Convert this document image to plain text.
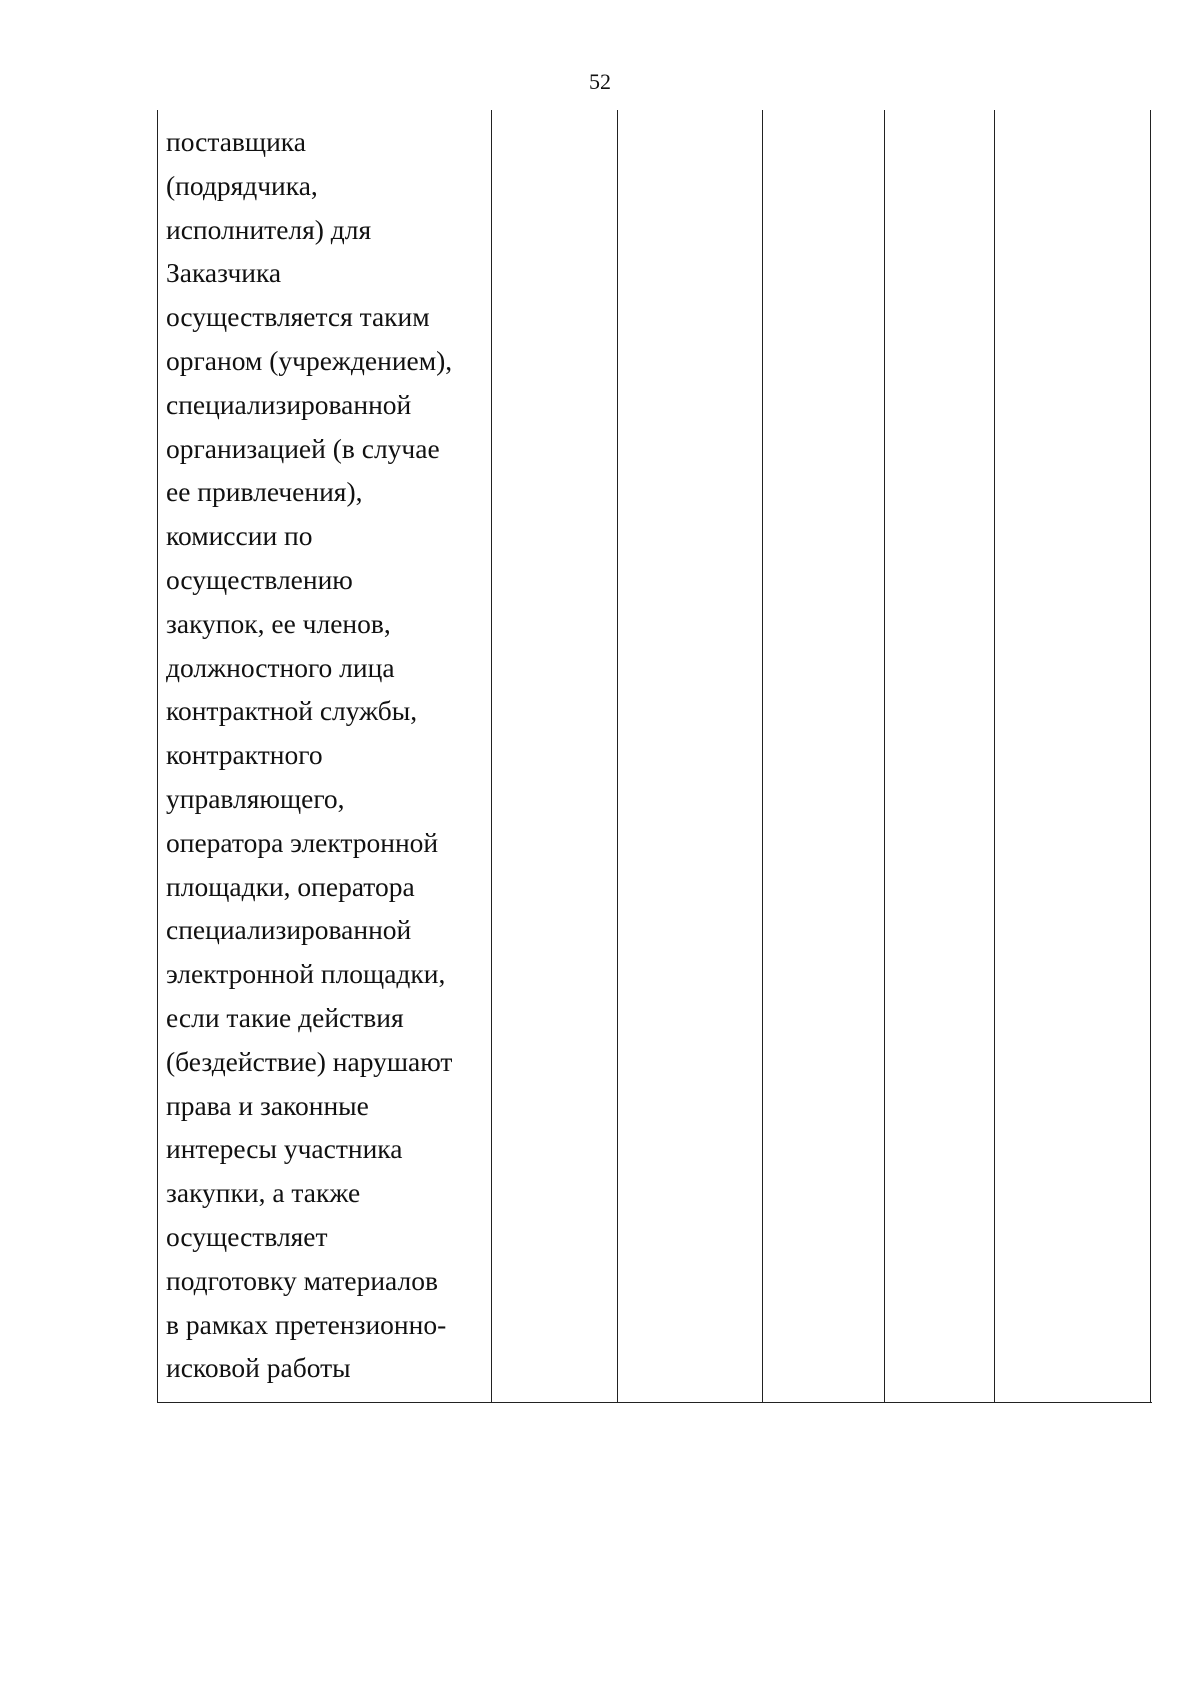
52
поставщика
(подрядчика,
исполнителя) для
Заказчика
осуществляется таким
органом (учреждением),
специализированной
организацией (в случае
ее привлечения),
комиссии по
осуществлению
закупок, ее членов,
должностного лица
контрактной службы,
контрактного
управляющего,
оператора электронной
площадки, оператора
специализированной
электронной площадки,
если такие действия
(бездействие) нарушают
права и законные
интересы участника
закупки, а также
осуществляет
подготовку материалов
в рамках претензионно-
исковой работы
